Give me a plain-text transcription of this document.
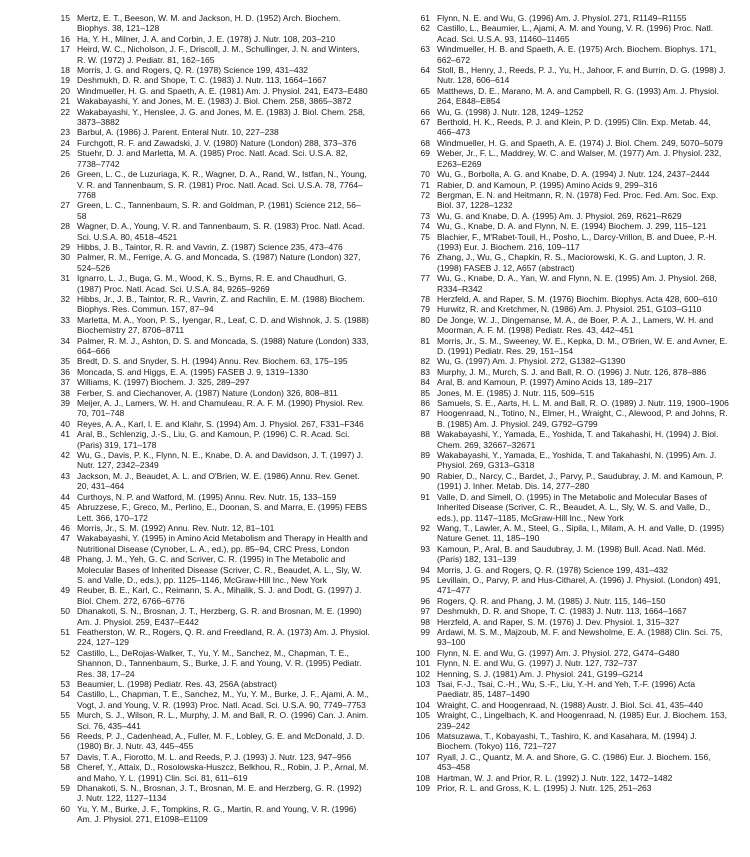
15 Mertz, E. T., Beeson, W. M. and Jackson, H. D. (1952) Arch. Biochem. Biophys. 38, 121–128
16 Ha, Y. H., Milner, J. A. and Corbin, J. E. (1978) J. Nutr. 108, 203–210
17 Heird, W. C., Nicholson, J. F., Driscoll, J. M., Schullinger, J. N. and Winters, R. W. (1972) J. Pediatr. 81, 162–165
18 Morris, J. G. and Rogers, Q. R. (1978) Science 199, 431–432
19 Deshmukh, D. R. and Shope, T. C. (1983) J. Nutr. 113, 1664–1667
20 Windmueller, H. G. and Spaeth, A. E. (1981) Am. J. Physiol. 241, E473–E480
21 Wakabayashi, Y. and Jones, M. E. (1983) J. Biol. Chem. 258, 3865–3872
22 Wakabayashi, Y., Henslee, J. G. and Jones, M. E. (1983) J. Biol. Chem. 258, 3873–3882
23 Barbul, A. (1986) J. Parent. Enteral Nutr. 10, 227–238
24 Furchgott, R. F. and Zawadski, J. V. (1980) Nature (London) 288, 373–376
25 Stuehr, D. J. and Marletta, M. A. (1985) Proc. Natl. Acad. Sci. U.S.A. 82, 7738–7742
26 Green, L. C., de Luzuriaga, K. R., Wagner, D. A., Rand, W., Istfan, N., Young, V. R. and Tannenbaum, S. R. (1981) Proc. Natl. Acad. Sci. U.S.A. 78, 7764–7768
27 Green, L. C., Tannenbaum, S. R. and Goldman, P. (1981) Science 212, 56–58
28 Wagner, D. A., Young, V. R. and Tannenbaum, S. R. (1983) Proc. Natl. Acad. Sci. U.S.A. 80, 4518–4521
29 Hibbs, J. B., Taintor, R. R. and Vavrin, Z. (1987) Science 235, 473–476
30 Palmer, R. M., Ferrige, A. G. and Moncada, S. (1987) Nature (London) 327, 524–526
31 Ignarro, L. J., Buga, G. M., Wood, K. S., Byrns, R. E. and Chaudhuri, G. (1987) Proc. Natl. Acad. Sci. U.S.A. 84, 9265–9269
32 Hibbs, Jr., J. B., Taintor, R. R., Vavrin, Z. and Rachlin, E. M. (1988) Biochem. Biophys. Res. Commun. 157, 87–94
33 Marletta, M. A., Yoon, P. S., Iyengar, R., Leaf, C. D. and Wishnok, J. S. (1988) Biochemistry 27, 8706–8711
34 Palmer, R. M. J., Ashton, D. S. and Moncada, S. (1988) Nature (London) 333, 664–666
35 Bredt, D. S. and Snyder, S. H. (1994) Annu. Rev. Biochem. 63, 175–195
36 Moncada, S. and Higgs, E. A. (1995) FASEB J. 9, 1319–1330
37 Williams, K. (1997) Biochem. J. 325, 289–297
38 Ferber, S. and Ciechanover, A. (1987) Nature (London) 326, 808–811
39 Meijer, A. J., Lamers, W. H. and Chamuleau, R. A. F. M. (1990) Physiol. Rev. 70, 701–748
40 Reyes, A. A., Karl, I. E. and Klahr, S. (1994) Am. J. Physiol. 267, F331–F346
41 Aral, B., Schlenzig, J.-S., Liu, G. and Kamoun, P. (1996) C. R. Acad. Sci. (Paris) 319, 171–178
42 Wu, G., Davis, P. K., Flynn, N. E., Knabe, D. A. and Davidson, J. T. (1997) J. Nutr. 127, 2342–2349
43 Jackson, M. J., Beaudet, A. L. and O'Brien, W. E. (1986) Annu. Rev. Genet. 20, 431–464
44 Curthoys, N. P. and Watford, M. (1995) Annu. Rev. Nutr. 15, 133–159
45 Abruzzese, F., Greco, M., Perlino, E., Doonan, S. and Marra, E. (1995) FEBS Lett. 366, 170–172
46 Morris, Jr., S. M. (1992) Annu. Rev. Nutr. 12, 81–101
47 Wakabayashi, Y. (1995) in Amino Acid Metabolism and Therapy in Health and Nutritional Disease (Cynober, L. A., ed.), pp. 85–94, CRC Press, London
48 Phang, J. M., Yeh, G. C. and Scriver, C. R. (1995) in The Metabolic and Molecular Bases of Inherited Disease (Scriver, C. R., Beaudet, A. L., Sly, W. S. and Valle, D., eds.), pp. 1125–1146, McGraw-Hill Inc., New York
49 Reuber, B. E., Karl, C., Reimann, S. A., Mihalik, S. J. and Dodt, G. (1997) J. Biol. Chem. 272, 6766–6776
50 Dhanakoti, S. N., Brosnan, J. T., Herzberg, G. R. and Brosnan, M. E. (1990) Am. J. Physiol. 259, E437–E442
51 Featherston, W. R., Rogers, Q. R. and Freedland, R. A. (1973) Am. J. Physiol. 224, 127–129
52 Castillo, L., DeRojas-Walker, T., Yu, Y. M., Sanchez, M., Chapman, T. E., Shannon, D., Tannenbaum, S., Burke, J. F. and Young, V. R. (1995) Pediatr. Res. 38, 17–24
53 Beaumier, L. (1998) Pediatr. Res. 43, 256A (abstract)
54 Castillo, L., Chapman, T. E., Sanchez, M., Yu, Y. M., Burke, J. F., Ajami, A. M., Vogt, J. and Young, V. R. (1993) Proc. Natl. Acad. Sci. U.S.A. 90, 7749–7753
55 Murch, S. J., Wilson, R. L., Murphy, J. M. and Ball, R. O. (1996) Can. J. Anim. Sci. 76, 435–441
56 Reeds, P. J., Cadenhead, A., Fuller, M. F., Lobley, G. E. and McDonald, J. D. (1980) Br. J. Nutr. 43, 445–455
57 Davis, T. A., Fiorotto, M. L. and Reeds, P. J. (1993) J. Nutr. 123, 947–956
58 Cheref, Y., Attaix, D., Rosolowska-Huszcz, Belkhou, R., Robin, J. P., Arnal, M. and Maho, Y. L. (1991) Clin. Sci. 81, 611–619
59 Dhanakoti, S. N., Brosnan, J. T., Brosnan, M. E. and Herzberg, G. R. (1992) J. Nutr. 122, 1127–1134
60 Yu, Y. M., Burke, J. F., Tompkins, R. G., Martin, R. and Young, V. R. (1996) Am. J. Physiol. 271, E1098–E1109
61 Flynn, N. E. and Wu, G. (1996) Am. J. Physiol. 271, R1149–R1155
62 Castillo, L., Beaumier, L., Ajami, A. M. and Young, V. R. (1996) Proc. Natl. Acad. Sci. U.S.A. 93, 11460–11465
63 Windmueller, H. B. and Spaeth, A. E. (1975) Arch. Biochem. Biophys. 171, 662–672
64 Stoll, B., Henry, J., Reeds, P. J., Yu, H., Jahoor, F. and Burrin, D. G. (1998) J. Nutr. 128, 606–614
65 Matthews, D. E., Marano, M. A. and Campbell, R. G. (1993) Am. J. Physiol. 264, E848–E854
66 Wu, G. (1998) J. Nutr. 128, 1249–1252
67 Berthold, H. K., Reeds, P. J. and Klein, P. D. (1995) Clin. Exp. Metab. 44, 466–473
68 Windmueller, H. G. and Spaeth, A. E. (1974) J. Biol. Chem. 249, 5070–5079
69 Weber, Jr., F. L., Maddrey, W. C. and Walser, M. (1977) Am. J. Physiol. 232, E263–E269
70 Wu, G., Borbolla, A. G. and Knabe, D. A. (1994) J. Nutr. 124, 2437–2444
71 Rabier, D. and Kamoun, P. (1995) Amino Acids 9, 299–316
72 Bergman, E. N. and Heitmann, R. N. (1978) Fed. Proc. Fed. Am. Soc. Exp. Biol. 37, 1228–1232
73 Wu, G. and Knabe, D. A. (1995) Am. J. Physiol. 269, R621–R629
74 Wu, G., Knabe, D. A. and Flynn, N. E. (1994) Biochem. J. 299, 115–121
75 Blachier, F., M'Rabet-Touil, H., Posho, L., Darcy-Vrillon, B. and Duee, P.-H. (1993) Eur. J. Biochem. 216, 109–117
76 Zhang, J., Wu, G., Chapkin, R. S., Maciorowski, K. G. and Lupton, J. R. (1998) FASEB J. 12, A657 (abstract)
77 Wu, G., Knabe, D. A., Yan, W. and Flynn, N. E. (1995) Am. J. Physiol. 268, R334–R342
78 Herzfeld, A. and Raper, S. M. (1976) Biochim. Biophys. Acta 428, 600–610
79 Hurwitz, R. and Kretchmer, N. (1986) Am. J. Physiol. 251, G103–G110
80 De Jonge, W. J., Dingemanse, M. A., de Boer, P. A. J., Lamers, W. H. and Moorman, A. F. M. (1998) Pediatr. Res. 43, 442–451
81 Morris, Jr., S. M., Sweeney, W. E., Kepka, D. M., O'Brien, W. E. and Avner, E. D. (1991) Pediatr. Res. 29, 151–154
82 Wu, G. (1997) Am. J. Physiol. 272, G1382–G1390
83 Murphy, J. M., Murch, S. J. and Ball, R. O. (1996) J. Nutr. 126, 878–886
84 Aral, B. and Kamoun, P. (1997) Amino Acids 13, 189–217
85 Jones, M. E. (1985) J. Nutr. 115, 509–515
86 Samuels, S. E., Aarts, H. L. M. and Ball, R. O. (1989) J. Nutr. 119, 1900–1906
87 Hoogenraad, N., Totino, N., Elmer, H., Wraight, C., Alewood, P. and Johns, R. B. (1985) Am. J. Physiol. 249, G792–G799
88 Wakabayashi, Y., Yamada, E., Yoshida, T. and Takahashi, H. (1994) J. Biol. Chem. 269, 32667–32671
89 Wakabayashi, Y., Yamada, E., Yoshida, T. and Takahashi, N. (1995) Am. J. Physiol. 269, G313–G318
90 Rabier, D., Narcy, C., Bardet, J., Parvy, P., Saudubray, J. M. and Kamoun, P. (1991) J. Inher. Metab. Dis. 14, 277–280
91 Valle, D. and Simell, O. (1995) in The Metabolic and Molecular Bases of Inherited Disease (Scriver, C. R., Beaudet, A. L., Sly, W. S. and Valle, D., eds.), pp. 1147–1185, McGraw-Hill Inc., New York
92 Wang, T., Lawler, A. M., Steel, G., Sipila, I., Milam, A. H. and Valle, D. (1995) Nature Genet. 11, 185–190
93 Kamoun, P., Aral, B. and Saudubray, J. M. (1998) Bull. Acad. Natl. Méd. (Paris) 182, 131–139
94 Morris, J. G. and Rogers, Q. R. (1978) Science 199, 431–432
95 Levillain, O., Parvy, P. and Hus-Citharel, A. (1996) J. Physiol. (London) 491, 471–477
96 Rogers, Q. R. and Phang, J. M. (1985) J. Nutr. 115, 146–150
97 Deshmukh, D. R. and Shope, T. C. (1983) J. Nutr. 113, 1664–1667
98 Herzfeld, A. and Raper, S. M. (1976) J. Dev. Physiol. 1, 315–327
99 Ardawi, M. S. M., Majzoub, M. F. and Newsholme, E. A. (1988) Clin. Sci. 75, 93–100
100 Flynn, N. E. and Wu, G. (1997) Am. J. Physiol. 272, G474–G480
101 Flynn, N. E. and Wu, G. (1997) J. Nutr. 127, 732–737
102 Henning, S. J. (1981) Am. J. Physiol. 241, G199–G214
103 Tsai, F.-J., Tsai, C.-H., Wu, S.-F., Liu, Y.-H. and Yeh, T.-F. (1996) Acta Paediatr. 85, 1487–1490
104 Wraight, C. and Hoogenraad, N. (1988) Austr. J. Biol. Sci. 41, 435–440
105 Wraight, C., Lingelbach, K. and Hoogenraad, N. (1985) Eur. J. Biochem. 153, 239–242
106 Matsuzawa, T., Kobayashi, T., Tashiro, K. and Kasahara, M. (1994) J. Biochem. (Tokyo) 116, 721–727
107 Ryall, J. C., Quantz, M. A. and Shore, G. C. (1986) Eur. J. Biochem. 156, 453–458
108 Hartman, W. J. and Prior, R. L. (1992) J. Nutr. 122, 1472–1482
109 Prior, R. L. and Gross, K. L. (1995) J. Nutr. 125, 251–263
